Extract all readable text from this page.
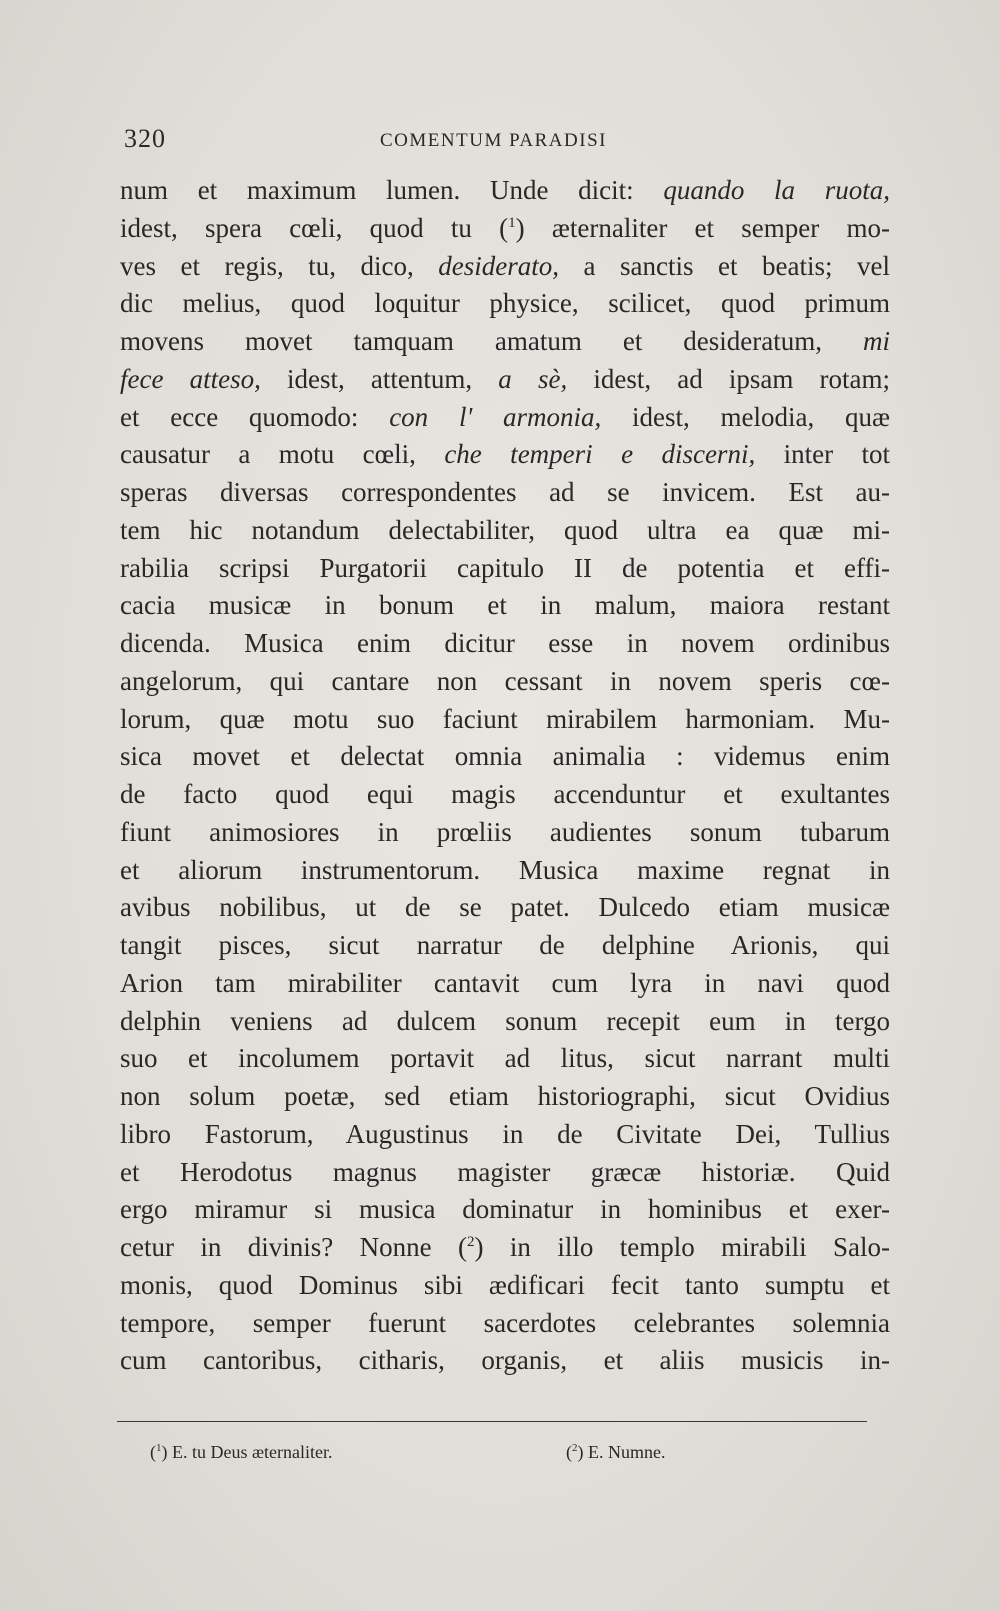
320	COMENTUM PARADISI
num et maximum lumen. Unde dicit: quando la ruota,
idest, spera cœli, quod tu ($^1$) æternaliter et semper mo-
ves et regis, tu, dico, desiderato, a sanctis et beatis; vel
dic melius, quod loquitur physice, scilicet, quod primum
movens movet tamquam amatum et desideratum, mi
fece atteso, idest, attentum, a sè, idest, ad ipsam rotam;
et ecce quomodo: con l' armonia, idest, melodia, quæ
causatur a motu cœli, che temperi e discerni, inter tot
speras diversas correspondentes ad se invicem. Est au-
tem hic notandum delectabiliter, quod ultra ea quæ mi-
rabilia scripsi Purgatorii capitulo II de potentia et effi-
cacia musicæ in bonum et in malum, maiora restant
dicenda. Musica enim dicitur esse in novem ordinibus
angelorum, qui cantare non cessant in novem speris cœ-
lorum, quæ motu suo faciunt mirabilem harmoniam. Mu-
sica movet et delectat omnia animalia : videmus enim
de facto quod equi magis accenduntur et exultantes
fiunt animosiores in prœliis audientes sonum tubarum
et aliorum instrumentorum. Musica maxime regnat in
avibus nobilibus, ut de se patet. Dulcedo etiam musicæ
tangit pisces, sicut narratur de delphine Arionis, qui
Arion tam mirabiliter cantavit cum lyra in navi quod
delphin veniens ad dulcem sonum recepit eum in tergo
suo et incolumem portavit ad litus, sicut narrant multi
non solum poetæ, sed etiam historiographi, sicut Ovidius
libro Fastorum, Augustinus in de Civitate Dei, Tullius
et Herodotus magnus magister græcæ historiæ. Quid
ergo miramur si musica dominatur in hominibus et exer-
cetur in divinis? Nonne ($^2$) in illo templo mirabili Salo-
monis, quod Dominus sibi ædificari fecit tanto sumptu et
tempore, semper fuerunt sacerdotes celebrantes solemnia
cum cantoribus, citharis, organis, et aliis musicis in-
($^1$) E. tu Deus æternaliter.	($^2$) E. Numne.
